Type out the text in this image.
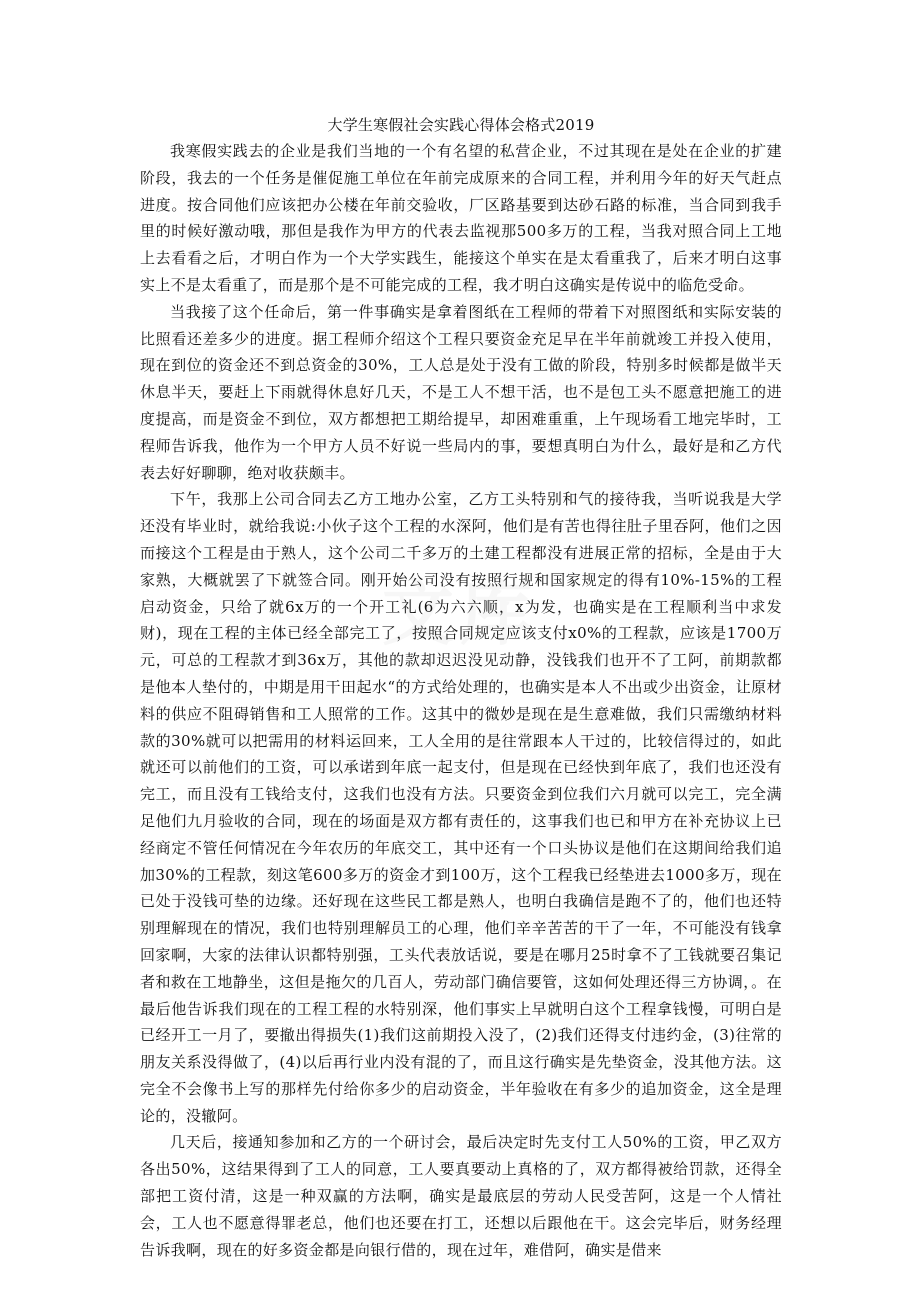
大学生寒假社会实践心得体会格式2019

我寒假实践去的企业是我们当地的一个有名望的私营企业，不过其现在是处在企业的扩建阶段，我去的一个任务是催促施工单位在年前完成原来的合同工程，并利用今年的好天气赶点进度。按合同他们应该把办公楼在年前交验收，厂区路基要到达砂石路的标准，当合同到我手里的时候好激动哦，那但是我作为甲方的代表去监视那500多万的工程，当我对照合同上工地上去看看之后，才明白作为一个大学实践生，能接这个单实在是太看重我了，后来才明白这事实上不是太看重了，而是那个是不可能完成的工程，我才明白这确实是传说中的临危受命。

当我接了这个任命后，第一件事确实是拿着图纸在工程师的带着下对照图纸和实际安装的比照看还差多少的进度。据工程师介绍这个工程只要资金充足早在半年前就竣工并投入使用，现在到位的资金还不到总资金的30%，工人总是处于没有工做的阶段，特别多时候都是做半天休息半天，要赶上下雨就得休息好几天，不是工人不想干活，也不是包工头不愿意把施工的进度提高，而是资金不到位，双方都想把工期给提早，却困难重重，上午现场看工地完毕时，工程师告诉我，他作为一个甲方人员不好说一些局内的事，要想真明白为什么，最好是和乙方代表去好好聊聊，绝对收获颇丰。

下午，我那上公司合同去乙方工地办公室，乙方工头特别和气的接待我，当听说我是大学还没有毕业时，就给我说:小伙子这个工程的水深阿，他们是有苦也得往肚子里吞阿，他们之因而接这个工程是由于熟人，这个公司二千多万的土建工程都没有进展正常的招标，全是由于大家熟，大概就罢了下就签合同。刚开始公司没有按照行规和国家规定的得有10%-15%的工程启动资金，只给了就6x万的一个开工礼(6为六六顺，x为发，也确实是在工程顺利当中求发财)，现在工程的主体已经全部完工了，按照合同规定应该支付x0%的工程款，应该是1700万元，可总的工程款才到36x万，其他的款却迟迟没见动静，没钱我们也开不了工阿，前期款都是他本人垫付的，中期是用干田起水“的方式给处理的，也确实是本人不出或少出资金，让原材料的供应不阻碍销售和工人照常的工作。这其中的微妙是现在是生意难做，我们只需缴纳材料款的30%就可以把需用的材料运回来，工人全用的是往常跟本人干过的，比较信得过的，如此就还可以前他们的工资，可以承诺到年底一起支付，但是现在已经快到年底了，我们也还没有完工，而且没有工钱给支付，这我们也没有方法。只要资金到位我们六月就可以完工，完全满足他们九月验收的合同，现在的场面是双方都有责任的，这事我们也已和甲方在补充协议上已经商定不管任何情况在今年农历的年底交工，其中还有一个口头协议是他们在这期间给我们追加30%的工程款，刻这笔600多万的资金才到100万，这个工程我已经垫进去1000多万，现在已处于没钱可垫的边缘。还好现在这些民工都是熟人，也明白我确信是跑不了的，他们也还特别理解现在的情况，我们也特别理解员工的心理，他们辛辛苦苦的干了一年，不可能没有钱拿回家啊，大家的法律认识都特别强，工头代表放话说，要是在哪月25时拿不了工钱就要召集记者和救在工地静坐，这但是拖欠的几百人，劳动部门确信要管，这如何处理还得三方协调，。在最后他告诉我们现在的工程工程的水特别深，他们事实上早就明白这个工程拿钱慢，可明白是已经开工一月了，要撤出得损失(1)我们这前期投入没了，(2)我们还得支付违约金，(3)往常的朋友关系没得做了，(4)以后再行业内没有混的了，而且这行确实是先垫资金，没其他方法。这完全不会像书上写的那样先付给你多少的启动资金，半年验收在有多少的追加资金，这全是理论的，没辙阿。

几天后，接通知参加和乙方的一个研讨会，最后决定时先支付工人50%的工资，甲乙双方各出50%，这结果得到了工人的同意，工人要真要动上真格的了，双方都得被给罚款，还得全部把工资付清，这是一种双赢的方法啊，确实是最底层的劳动人民受苦阿，这是一个人情社会，工人也不愿意得罪老总，他们也还要在打工，还想以后跟他在干。这会完毕后，财务经理告诉我啊，现在的好多资金都是向银行借的，现在过年，难借阿，确实是借来

文库
